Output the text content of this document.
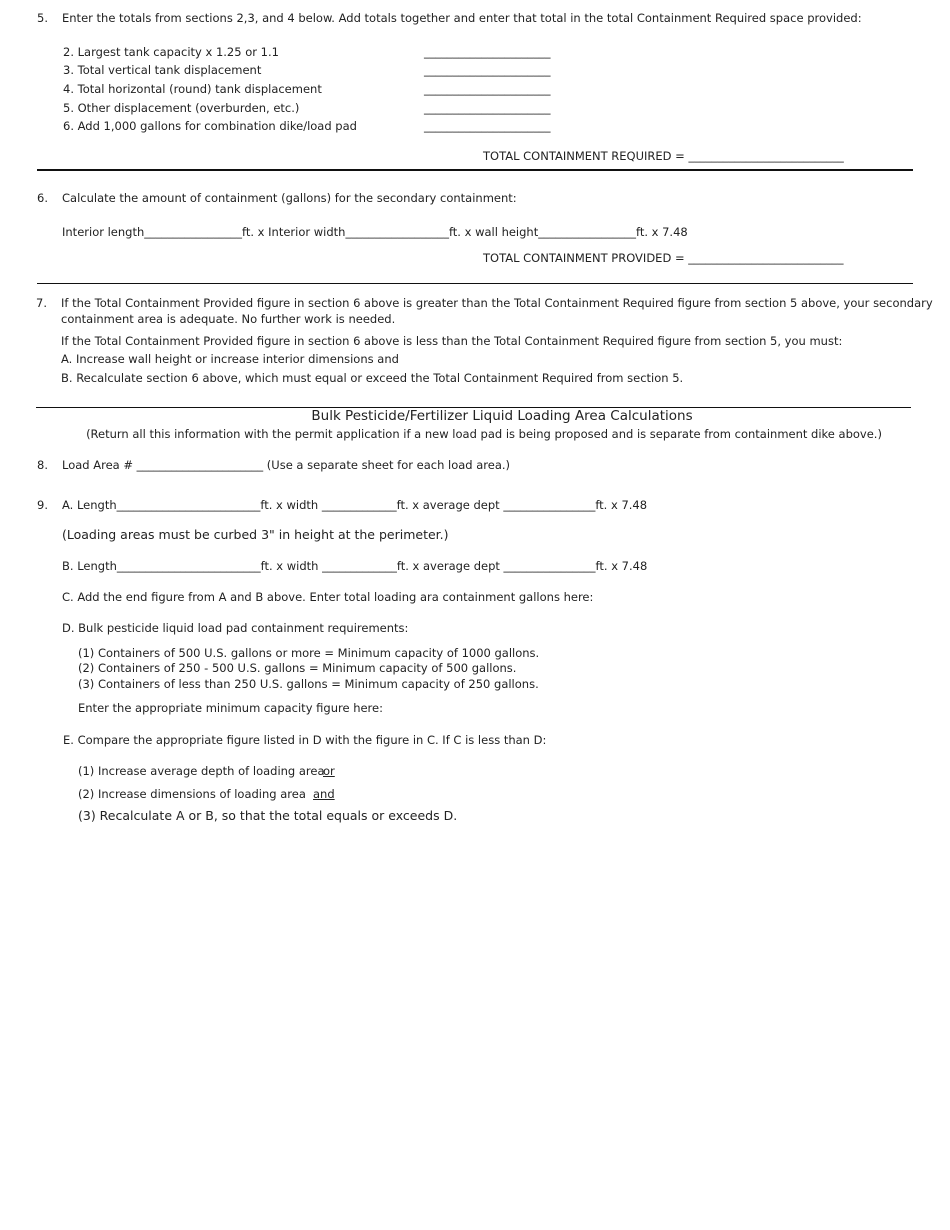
5. Enter the totals from sections 2,3, and 4 below. Add totals together and enter that total in the total Containment Required space provided:
2. Largest tank capacity x 1.25 or 1.1	______________________
3. Total vertical tank displacement	______________________
4. Total horizontal (round) tank displacement	______________________
5. Other displacement (overburden, etc.)	______________________
6. Add 1,000 gallons for combination dike/load pad	______________________
TOTAL CONTAINMENT REQUIRED = ___________________________
6. Calculate the amount of containment (gallons) for the secondary containment:
Interior length_________________ft. x Interior width__________________ft. x wall height_________________ft. x 7.48
TOTAL CONTAINMENT PROVIDED = ___________________________
7. If the Total Containment Provided figure in section 6 above is greater than the Total Containment Required figure from section 5 above, your secondary
containment area is adequate. No further work is needed.
If the Total Containment Provided figure in section 6 above is less than the Total Containment Required figure from section 5, you must:
A. Increase wall height or increase interior dimensions and
B. Recalculate section 6 above, which must equal or exceed the Total Containment Required from section 5.
Bulk Pesticide/Fertilizer Liquid Loading Area Calculations
(Return all this information with the permit application if a new load pad is being proposed and is separate from containment dike above.)
8. Load Area # ______________________ (Use a separate sheet for each load area.)
9. A. Length_________________________ft. x width _____________ft. x average dept ________________ft. x 7.48
(Loading areas must be curbed 3" in height at the perimeter.)
B. Length_________________________ft. x width _____________ft. x average dept ________________ft. x 7.48
C. Add the end figure from A and B above. Enter total loading ara containment gallons here:
D. Bulk pesticide liquid load pad containment requirements:
(1) Containers of 500 U.S. gallons or more = Minimum capacity of 1000 gallons.
(2) Containers of 250 - 500 U.S. gallons = Minimum capacity of 500 gallons.
(3) Containers of less than 250 U.S. gallons = Minimum capacity of 250 gallons.
Enter the appropriate minimum capacity figure here:
E. Compare the appropriate figure listed in D with the figure in C. If C is less than D:
(1) Increase average depth of loading area
or
(2) Increase dimensions of loading area and
(3) Recalculate A or B, so that the total equals or exceeds D.
